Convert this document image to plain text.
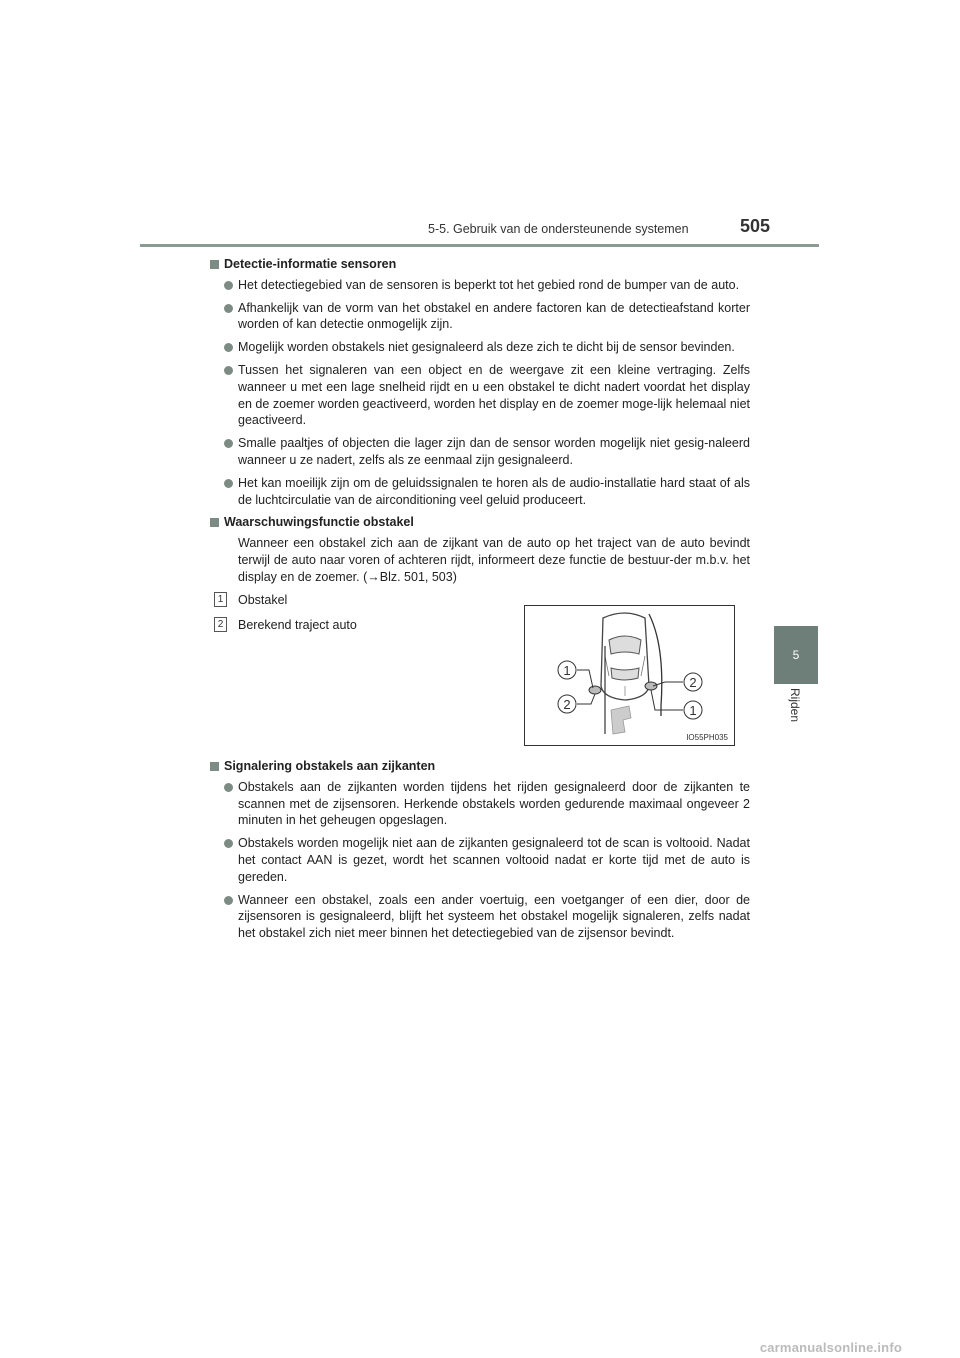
5-5. Gebruik van de ondersteunende systemen	505
5
Rijden
Detectie-informatie sensoren
Het detectiegebied van de sensoren is beperkt tot het gebied rond de bumper van de auto.
Afhankelijk van de vorm van het obstakel en andere factoren kan de detectieafstand korter worden of kan detectie onmogelijk zijn.
Mogelijk worden obstakels niet gesignaleerd als deze zich te dicht bij de sensor bevinden.
Tussen het signaleren van een object en de weergave zit een kleine vertraging. Zelfs wanneer u met een lage snelheid rijdt en u een obstakel te dicht nadert voordat het display en de zoemer worden geactiveerd, worden het display en de zoemer moge-lijk helemaal niet geactiveerd.
Smalle paaltjes of objecten die lager zijn dan de sensor worden mogelijk niet gesig-naleerd wanneer u ze nadert, zelfs als ze eenmaal zijn gesignaleerd.
Het kan moeilijk zijn om de geluidssignalen te horen als de audio-installatie hard staat of als de luchtcirculatie van de airconditioning veel geluid produceert.
Waarschuwingsfunctie obstakel
Wanneer een obstakel zich aan de zijkant van de auto op het traject van de auto bevindt terwijl de auto naar voren of achteren rijdt, informeert deze functie de bestuur-der m.b.v. het display en de zoemer. (→Blz. 501, 503)
1 Obstakel
2 Berekend traject auto
1
2
2
1
IO55PH035
Signalering obstakels aan zijkanten
Obstakels aan de zijkanten worden tijdens het rijden gesignaleerd door de zijkanten te scannen met de zijsensoren. Herkende obstakels worden gedurende maximaal ongeveer 2 minuten in het geheugen opgeslagen.
Obstakels worden mogelijk niet aan de zijkanten gesignaleerd tot de scan is voltooid. Nadat het contact AAN is gezet, wordt het scannen voltooid nadat er korte tijd met de auto is gereden.
Wanneer een obstakel, zoals een ander voertuig, een voetganger of een dier, door de zijsensoren is gesignaleerd, blijft het systeem het obstakel mogelijk signaleren, zelfs nadat het obstakel zich niet meer binnen het detectiegebied van de zijsensor bevindt.
carmanualsonline.info
